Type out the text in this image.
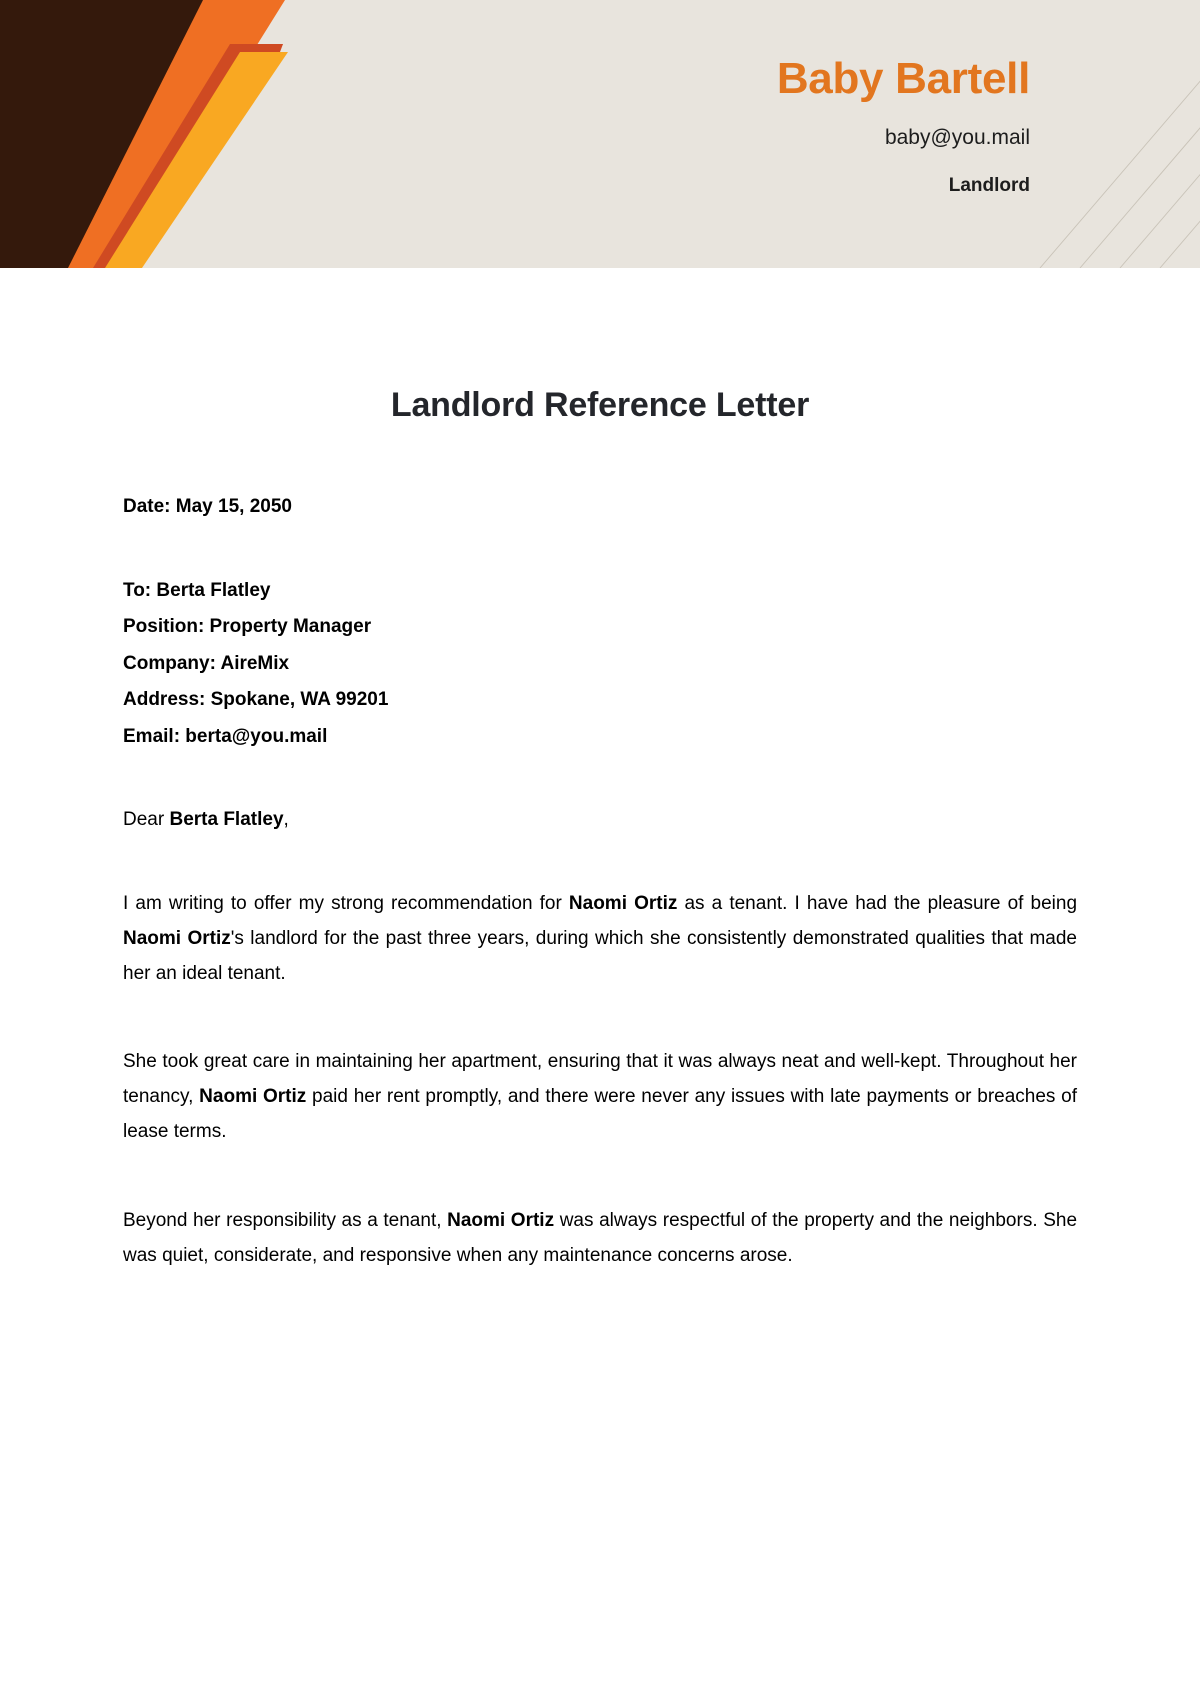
Baby Bartell
baby@you.mail
Landlord
Landlord Reference Letter
Date: May 15, 2050
To: Berta Flatley
Position: Property Manager
Company: AireMix
Address: Spokane, WA 99201
Email: berta@you.mail
Dear Berta Flatley,
I am writing to offer my strong recommendation for Naomi Ortiz as a tenant. I have had the pleasure of being Naomi Ortiz's landlord for the past three years, during which she consistently demonstrated qualities that made her an ideal tenant.
She took great care in maintaining her apartment, ensuring that it was always neat and well-kept. Throughout her tenancy, Naomi Ortiz paid her rent promptly, and there were never any issues with late payments or breaches of lease terms.
Beyond her responsibility as a tenant, Naomi Ortiz was always respectful of the property and the neighbors. She was quiet, considerate, and responsive when any maintenance concerns arose.
